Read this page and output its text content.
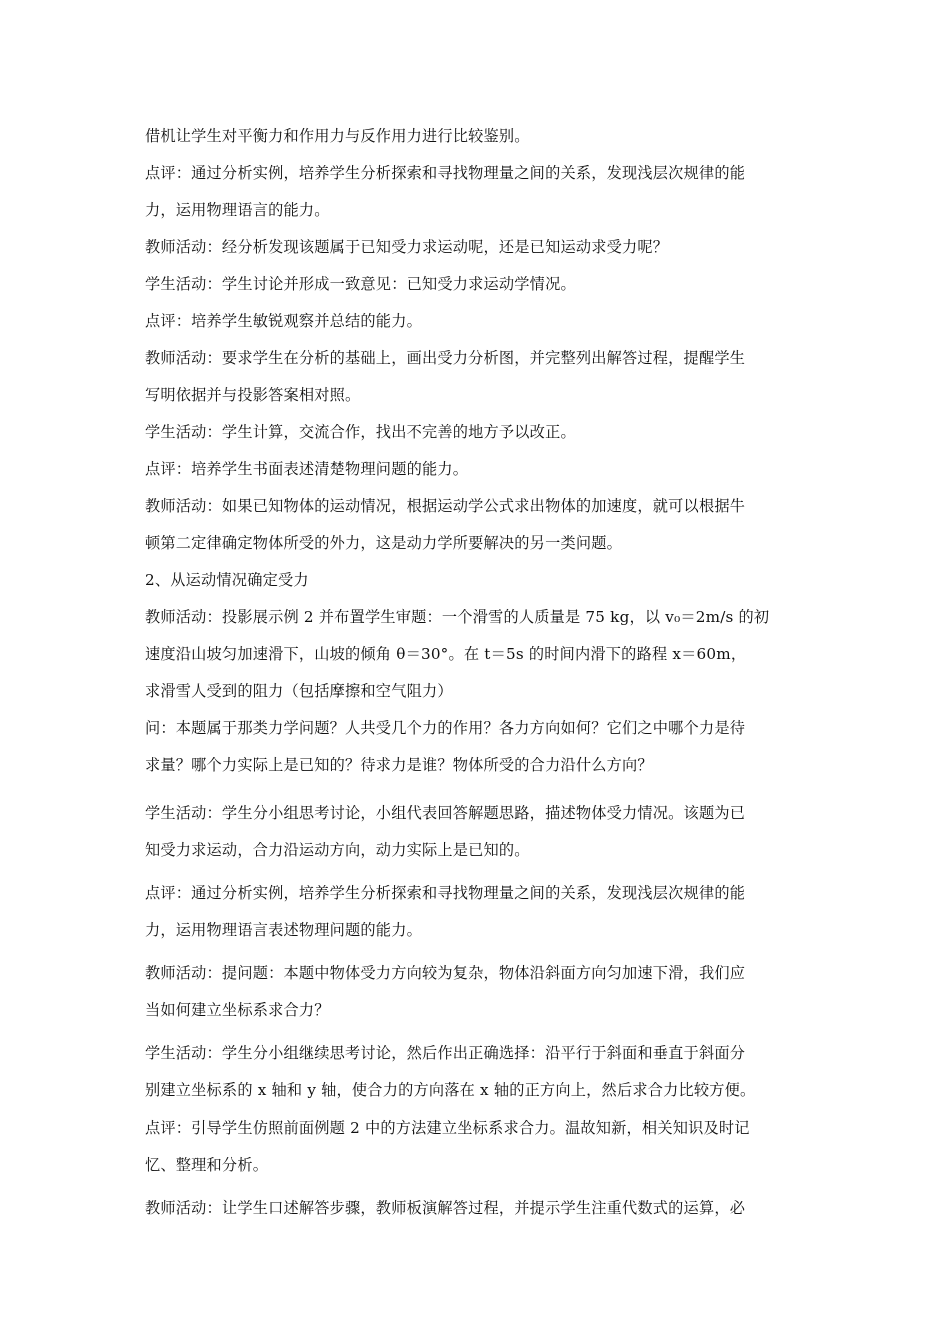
借机让学生对平衡力和作用力与反作用力进行比较鉴别。
点评：通过分析实例，培养学生分析探索和寻找物理量之间的关系，发现浅层次规律的能
力，运用物理语言的能力。
教师活动：经分析发现该题属于已知受力求运动呢，还是已知运动求受力呢？
学生活动：学生讨论并形成一致意见：已知受力求运动学情况。
点评：培养学生敏锐观察并总结的能力。
教师活动：要求学生在分析的基础上，画出受力分析图，并完整列出解答过程，提醒学生
写明依据并与投影答案相对照。
学生活动：学生计算，交流合作，找出不完善的地方予以改正。
点评：培养学生书面表述清楚物理问题的能力。
教师活动：如果已知物体的运动情况，根据运动学公式求出物体的加速度，就可以根据牛
顿第二定律确定物体所受的外力，这是动力学所要解决的另一类问题。
2、从运动情况确定受力
教师活动：投影展示例 2 并布置学生审题：一个滑雪的人质量是 75 kg，以 v₀＝2m/s 的初
速度沿山坡匀加速滑下，山坡的倾角 θ＝30°。在 t＝5s 的时间内滑下的路程 x＝60m，
求滑雪人受到的阻力（包括摩擦和空气阻力）
问：本题属于那类力学问题？人共受几个力的作用？各力方向如何？它们之中哪个力是待
求量？哪个力实际上是已知的？待求力是谁？物体所受的合力沿什么方向？
学生活动：学生分小组思考讨论，小组代表回答解题思路，描述物体受力情况。该题为已
知受力求运动，合力沿运动方向，动力实际上是已知的。
点评：通过分析实例，培养学生分析探索和寻找物理量之间的关系，发现浅层次规律的能
力，运用物理语言表述物理问题的能力。
教师活动：提问题：本题中物体受力方向较为复杂，物体沿斜面方向匀加速下滑，我们应
当如何建立坐标系求合力？
学生活动：学生分小组继续思考讨论，然后作出正确选择：沿平行于斜面和垂直于斜面分
别建立坐标系的 x 轴和 y 轴，使合力的方向落在 x 轴的正方向上，然后求合力比较方便。
点评：引导学生仿照前面例题 2 中的方法建立坐标系求合力。温故知新，相关知识及时记
忆、整理和分析。
教师活动：让学生口述解答步骤，教师板演解答过程，并提示学生注重代数式的运算，必
